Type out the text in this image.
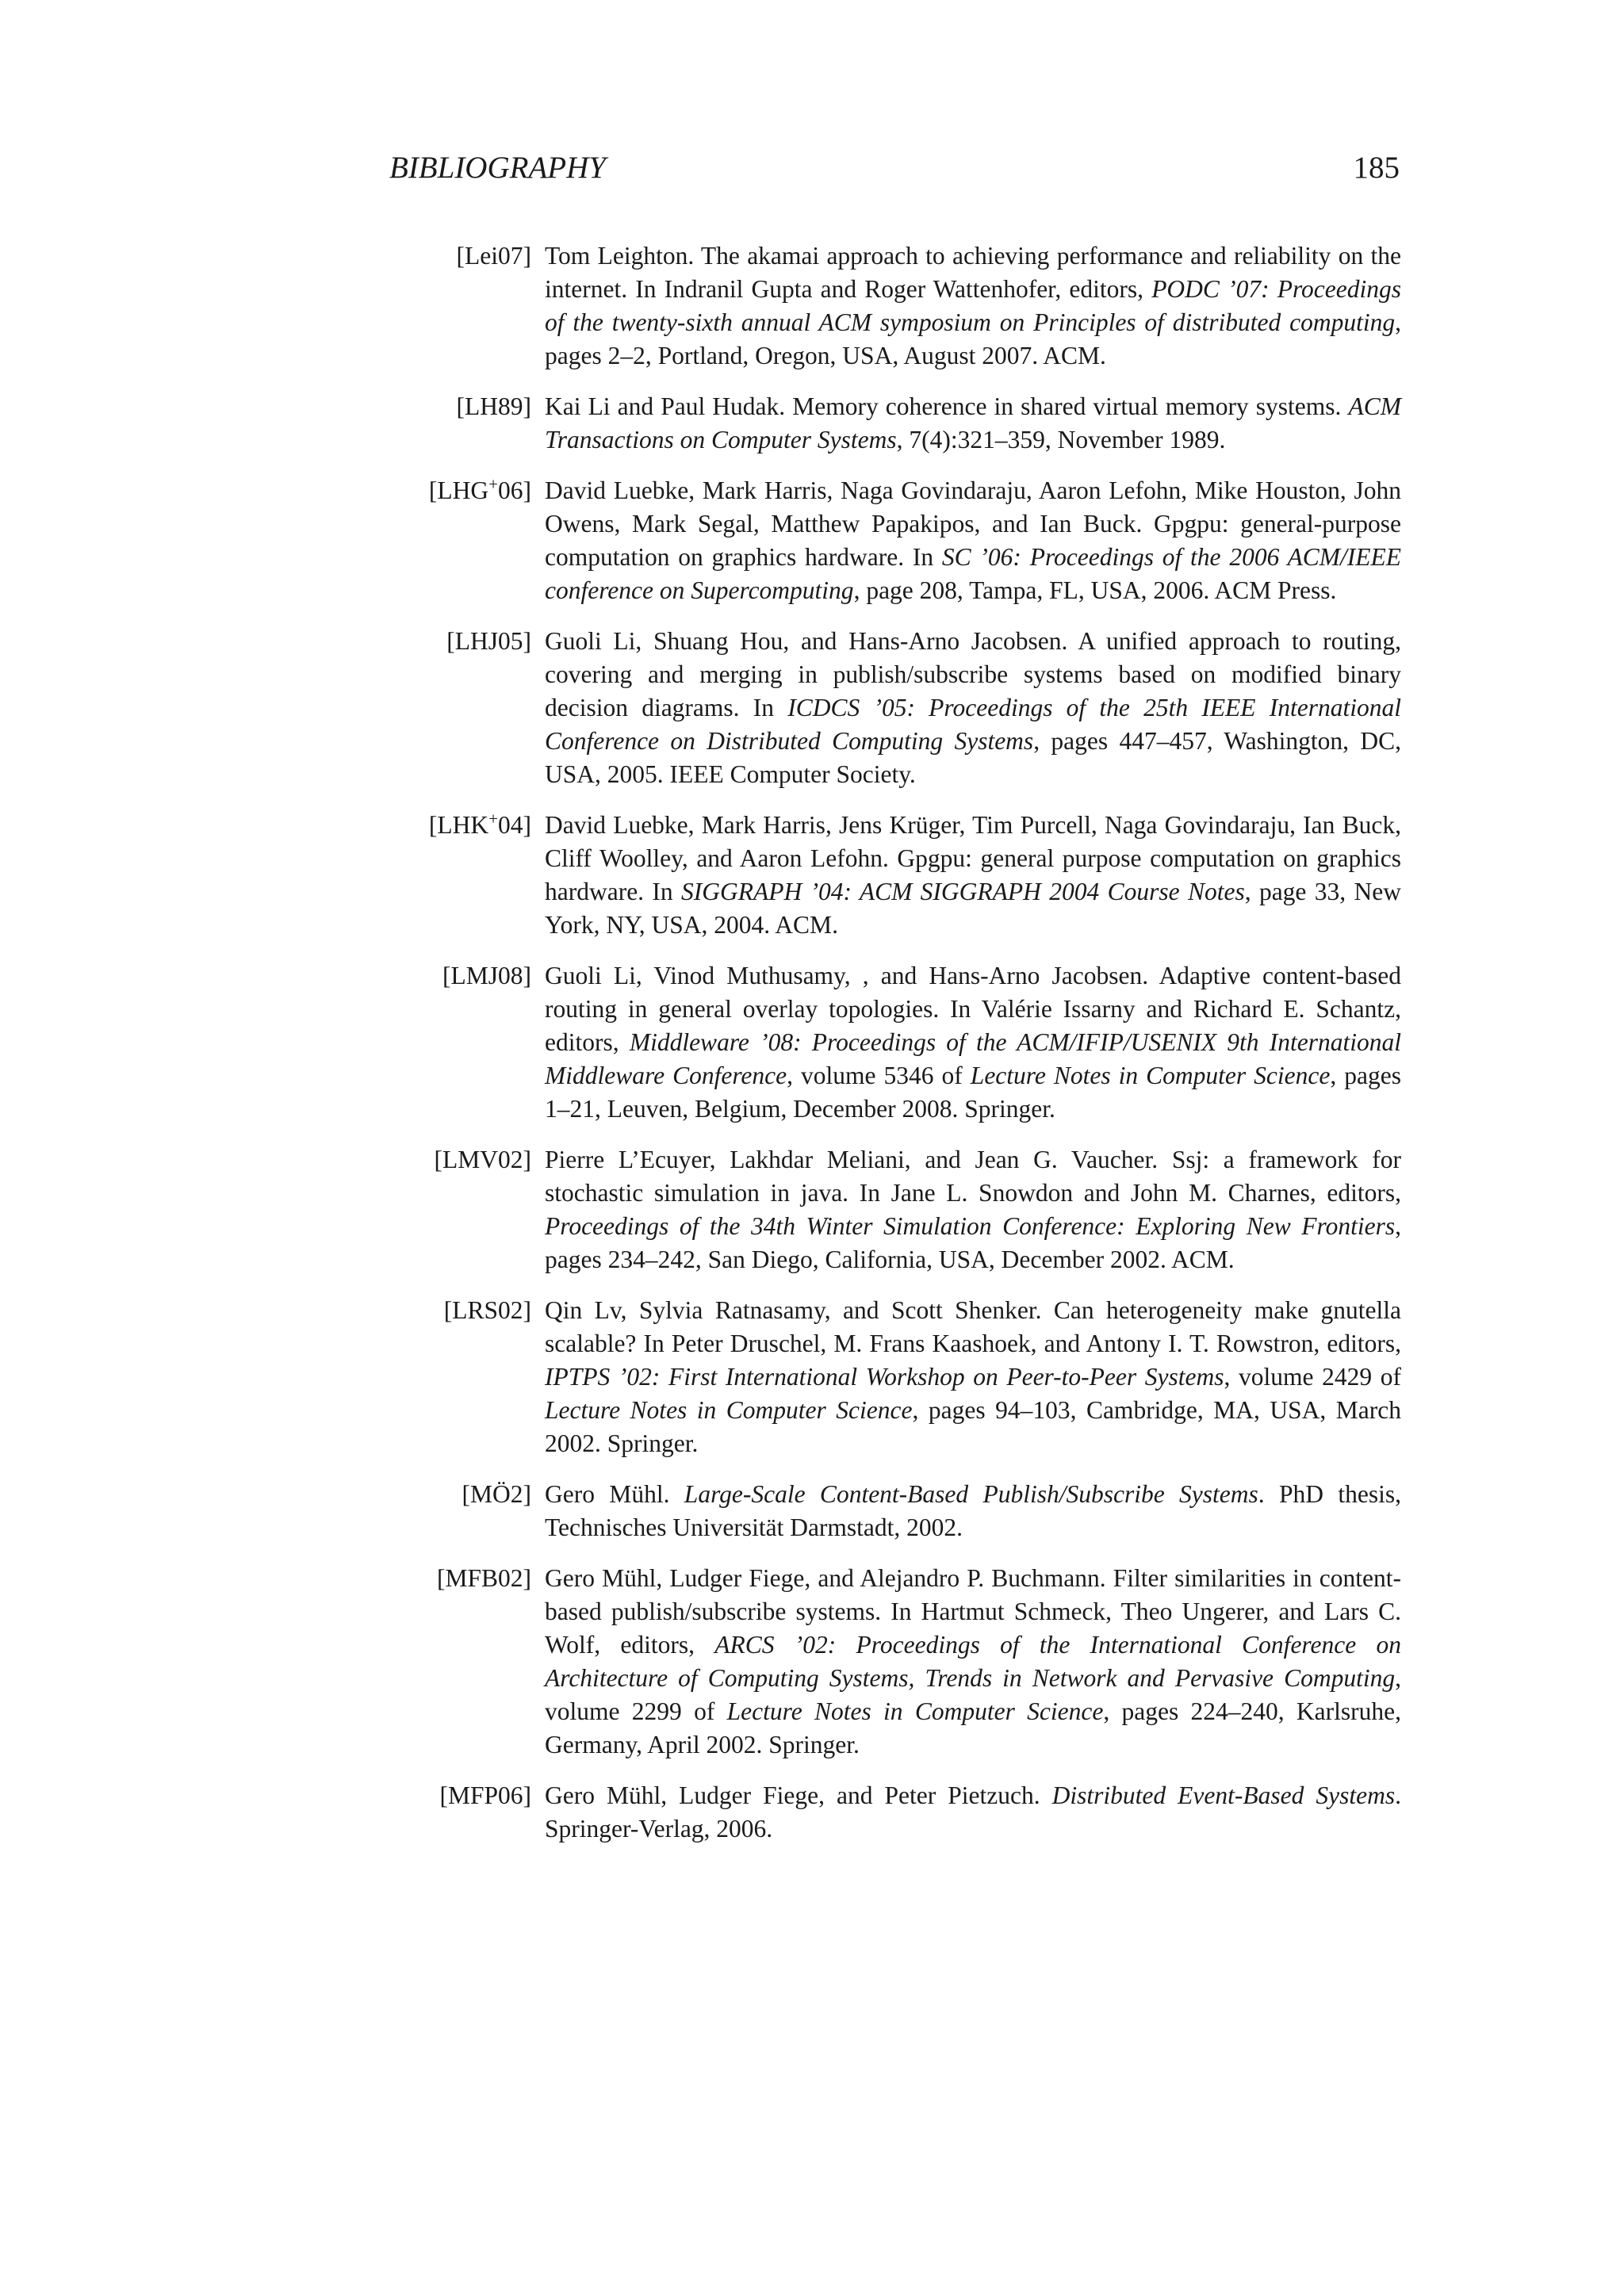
BIBLIOGRAPHY	185
[Lei07] Tom Leighton. The akamai approach to achieving performance and reliability on the internet. In Indranil Gupta and Roger Wattenhofer, editors, PODC ’07: Proceedings of the twenty-sixth annual ACM symposium on Principles of distributed computing, pages 2–2, Portland, Oregon, USA, August 2007. ACM.
[LH89] Kai Li and Paul Hudak. Memory coherence in shared virtual memory systems. ACM Transactions on Computer Systems, 7(4):321–359, November 1989.
[LHG+06] David Luebke, Mark Harris, Naga Govindaraju, Aaron Lefohn, Mike Houston, John Owens, Mark Segal, Matthew Papakipos, and Ian Buck. Gpgpu: general-purpose computation on graphics hardware. In SC ’06: Proceedings of the 2006 ACM/IEEE conference on Supercomputing, page 208, Tampa, FL, USA, 2006. ACM Press.
[LHJ05] Guoli Li, Shuang Hou, and Hans-Arno Jacobsen. A unified approach to routing, covering and merging in publish/subscribe systems based on modified binary decision diagrams. In ICDCS ’05: Proceedings of the 25th IEEE International Conference on Distributed Computing Systems, pages 447–457, Washington, DC, USA, 2005. IEEE Computer Society.
[LHK+04] David Luebke, Mark Harris, Jens Krüger, Tim Purcell, Naga Govindaraju, Ian Buck, Cliff Woolley, and Aaron Lefohn. Gpgpu: general purpose computation on graphics hardware. In SIGGRAPH ’04: ACM SIGGRAPH 2004 Course Notes, page 33, New York, NY, USA, 2004. ACM.
[LMJ08] Guoli Li, Vinod Muthusamy, , and Hans-Arno Jacobsen. Adaptive content-based routing in general overlay topologies. In Valérie Issarny and Richard E. Schantz, editors, Middleware ’08: Proceedings of the ACM/IFIP/USENIX 9th International Middleware Conference, volume 5346 of Lecture Notes in Computer Science, pages 1–21, Leuven, Belgium, December 2008. Springer.
[LMV02] Pierre L’Ecuyer, Lakhdar Meliani, and Jean G. Vaucher. Ssj: a framework for stochastic simulation in java. In Jane L. Snowdon and John M. Charnes, editors, Proceedings of the 34th Winter Simulation Conference: Exploring New Frontiers, pages 234–242, San Diego, California, USA, December 2002. ACM.
[LRS02] Qin Lv, Sylvia Ratnasamy, and Scott Shenker. Can heterogeneity make gnutella scalable? In Peter Druschel, M. Frans Kaashoek, and Antony I. T. Rowstron, editors, IPTPS ’02: First International Workshop on Peer-to-Peer Systems, volume 2429 of Lecture Notes in Computer Science, pages 94–103, Cambridge, MA, USA, March 2002. Springer.
[MÖ2] Gero Mühl. Large-Scale Content-Based Publish/Subscribe Systems. PhD thesis, Technisches Universität Darmstadt, 2002.
[MFB02] Gero Mühl, Ludger Fiege, and Alejandro P. Buchmann. Filter similarities in content-based publish/subscribe systems. In Hartmut Schmeck, Theo Ungerer, and Lars C. Wolf, editors, ARCS ’02: Proceedings of the International Conference on Architecture of Computing Systems, Trends in Network and Pervasive Computing, volume 2299 of Lecture Notes in Computer Science, pages 224–240, Karlsruhe, Germany, April 2002. Springer.
[MFP06] Gero Mühl, Ludger Fiege, and Peter Pietzuch. Distributed Event-Based Systems. Springer-Verlag, 2006.
